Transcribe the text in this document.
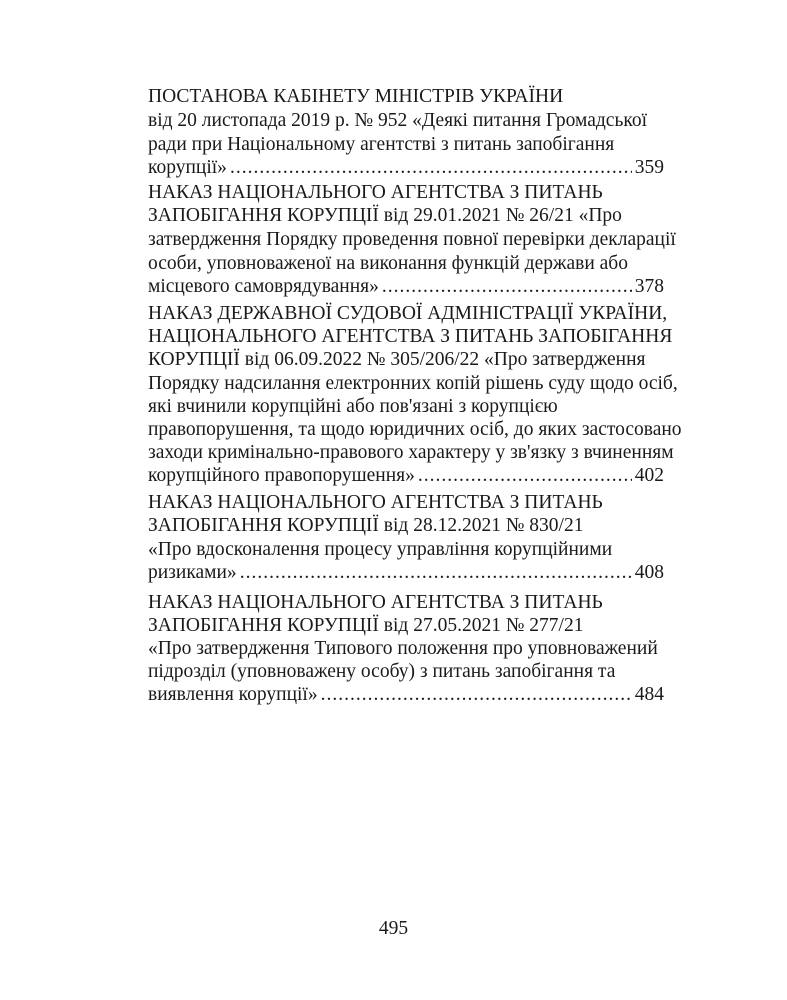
ПОСТАНОВА КАБІНЕТУ МІНІСТРІВ УКРАЇНИ
від 20 листопада 2019 р. № 952 «Деякі питання Громадської
ради при Національному агентстві з питань запобігання
корупції» .....	359
НАКАЗ НАЦІОНАЛЬНОГО АГЕНТСТВА З ПИТАНЬ
ЗАПОБІГАННЯ КОРУПЦІЇ від 29.01.2021 № 26/21 «Про
затвердження Порядку проведення повної перевірки декларації
особи, уповноваженої на виконання функцій держави або
місцевого самоврядування» .....	378
НАКАЗ ДЕРЖАВНОЇ СУДОВОЇ АДМІНІСТРАЦІЇ УКРАЇНИ,
НАЦІОНАЛЬНОГО АГЕНТСТВА З ПИТАНЬ ЗАПОБІГАННЯ
КОРУПЦІЇ від 06.09.2022 № 305/206/22 «Про затвердження
Порядку надсилання електронних копій рішень суду щодо осіб,
які вчинили корупційні або пов'язані з корупцією
правопорушення, та щодо юридичних осіб, до яких застосовано
заходи кримінально-правового характеру у зв'язку з вчиненням
корупційного правопорушення» .....	402
НАКАЗ НАЦІОНАЛЬНОГО АГЕНТСТВА З ПИТАНЬ
ЗАПОБІГАННЯ КОРУПЦІЇ від 28.12.2021 № 830/21
«Про вдосконалення процесу управління корупційними
ризиками» .....	408
НАКАЗ НАЦІОНАЛЬНОГО АГЕНТСТВА З ПИТАНЬ
ЗАПОБІГАННЯ КОРУПЦІЇ від 27.05.2021 № 277/21
«Про затвердження Типового положення про уповноважений
підрозділ (уповноважену особу) з питань запобігання та
виявлення корупції» .....	484
495
